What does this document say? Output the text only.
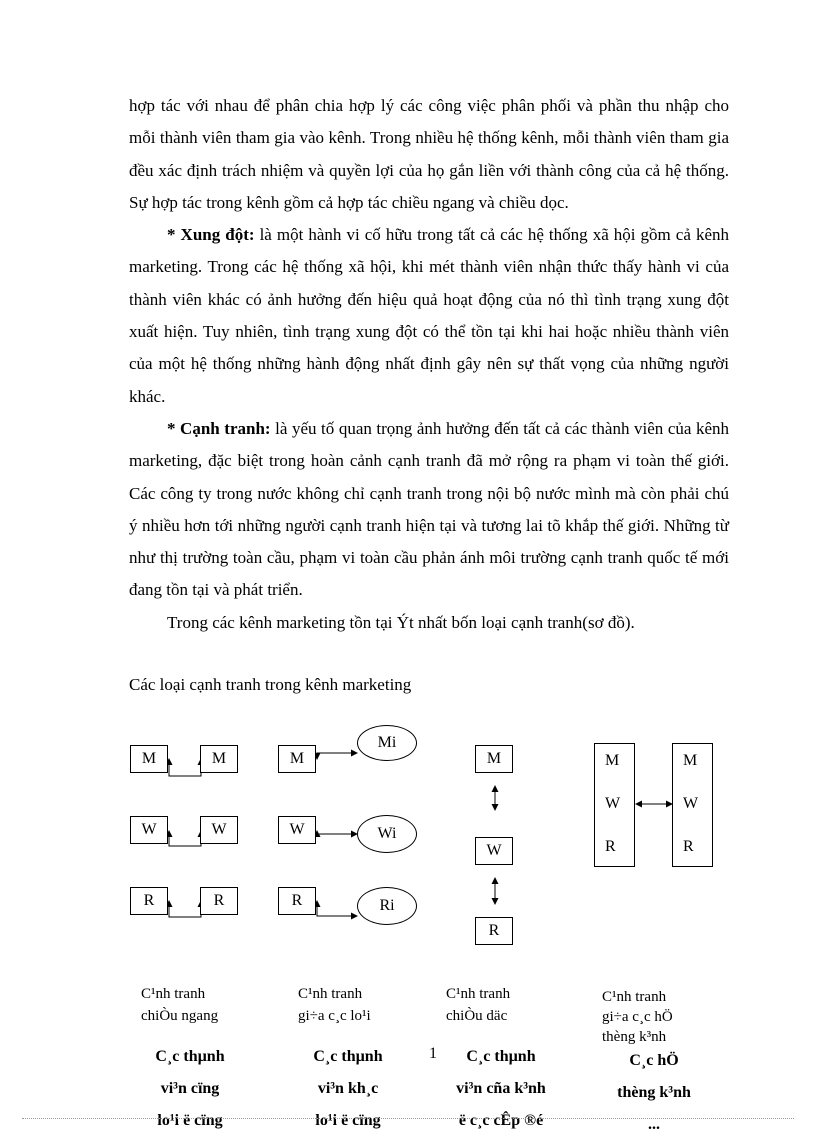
hợp tác với nhau để phân chia hợp lý các công việc phân phối và phần thu nhập cho mỗi thành viên tham gia vào kênh. Trong nhiều hệ thống kênh, mỗi thành viên tham gia đều xác định trách nhiệm và quyền lợi của họ gắn liền với thành công của cả hệ thống. Sự hợp tác trong kênh gồm cả hợp tác chiều ngang và chiều dọc.

* Xung đột: là một hành vi cố hữu trong tất cả các hệ thống xã hội gồm cả kênh marketing. Trong các hệ thống xã hội, khi mét thành viên nhận thức thấy hành vi của thành viên khác có ảnh hưởng đến hiệu quả hoạt động của nó thì tình trạng xung đột xuất hiện. Tuy nhiên, tình trạng xung đột có thể tồn tại khi hai hoặc nhiều thành viên của một hệ thống những hành động nhất định gây nên sự thất vọng của những người khác.

* Cạnh tranh: là yếu tố quan trọng ảnh hưởng đến tất cả các thành viên của kênh marketing, đặc biệt trong hoàn cảnh cạnh tranh đã mở rộng ra phạm vi toàn thế giới. Các công ty trong nước không chỉ cạnh tranh trong nội bộ nước mình mà còn phải chú ý nhiều hơn tới những người cạnh tranh hiện tại và tương lai tõ khắp thế giới. Những từ như thị trường toàn cầu, phạm vi toàn cầu phản ánh môi trường cạnh tranh quốc tế mới đang tồn tại và phát triển.

Trong các kênh marketing tồn tại Ýt nhất bốn loại cạnh tranh(sơ đồ).

Các loại cạnh tranh trong kênh marketing
M	M
W	W
R	R
M
W
R
Mi
Wi
Ri
M
W
R
M
W
R
M
W
R
C¹nh tranh
chiÒu ngang
C¹nh tranh
gi÷a c¸c lo¹i
C¹nh tranh
chiÒu däc
C¹nh tranh
gi÷a c¸c hÖ
thèng k³nh
C¸c thµnh
vi³n cïng
lo¹i ë cïng
C¸c thµnh
vi³n kh¸c
lo¹i ë cïng
C¸c thµnh
vi³n cña k³nh
ë c¸c cÊp ®é
C¸c hÖ
thèng k³nh
...
1
